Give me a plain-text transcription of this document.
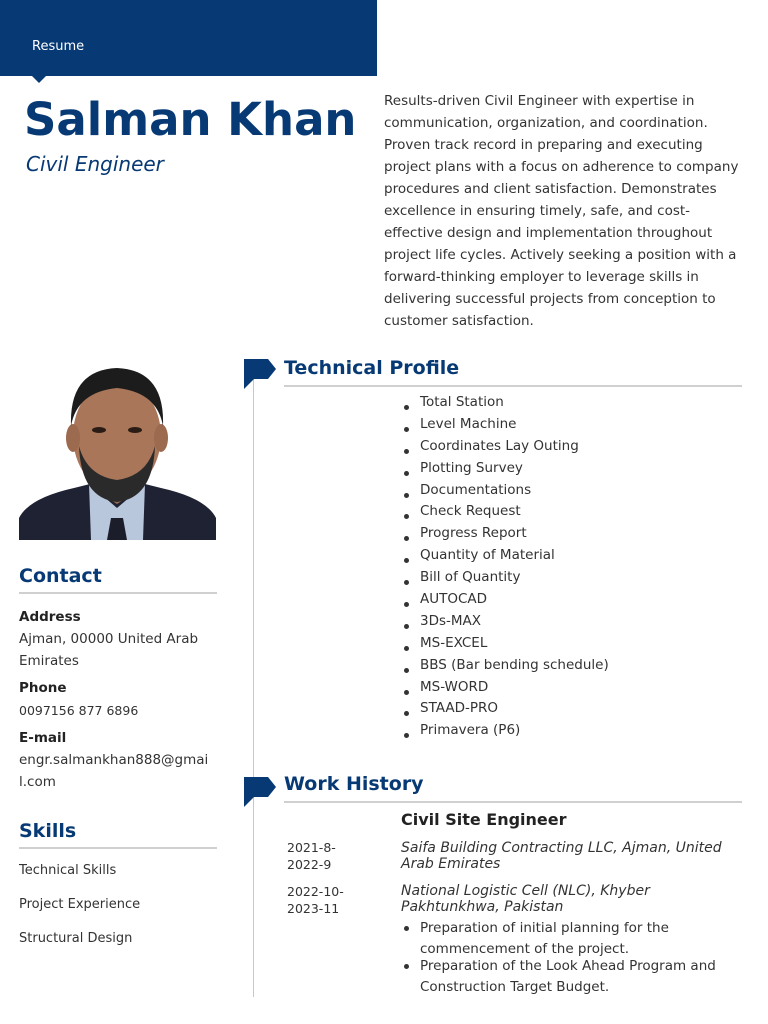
Resume
Salman Khan
Civil Engineer

Results-driven Civil Engineer with expertise in communication, organization, and coordination. Proven track record in preparing and executing project plans with a focus on adherence to company procedures and client satisfaction. Demonstrates excellence in ensuring timely, safe, and cost-effective design and implementation throughout project life cycles. Actively seeking a position with a forward-thinking employer to leverage skills in delivering successful projects from conception to customer satisfaction.

Contact
Address
Ajman, 00000 United Arab Emirates
Phone
0097156 877 6896
E-mail
engr.salmankhan888@gmail.com
Skills
Technical Skills
Project Experience
Structural Design
Technical Profile
Total Station
Level Machine
Coordinates Lay Outing
Plotting Survey
Documentations
Check Request
Progress Report
Quantity of Material
Bill of Quantity
AUTOCAD
3Ds-MAX
MS-EXCEL
BBS (Bar bending schedule)
MS-WORD
STAAD-PRO
Primavera (P6)
Work History
Civil Site Engineer
2021-8-
2022-9
Saifa Building Contracting LLC, Ajman, United Arab Emirates
2022-10-
2023-11
National Logistic Cell (NLC), Khyber Pakhtunkhwa, Pakistan
Preparation of initial planning for the commencement of the project.
Preparation of the Look Ahead Program and Construction Target Budget.
